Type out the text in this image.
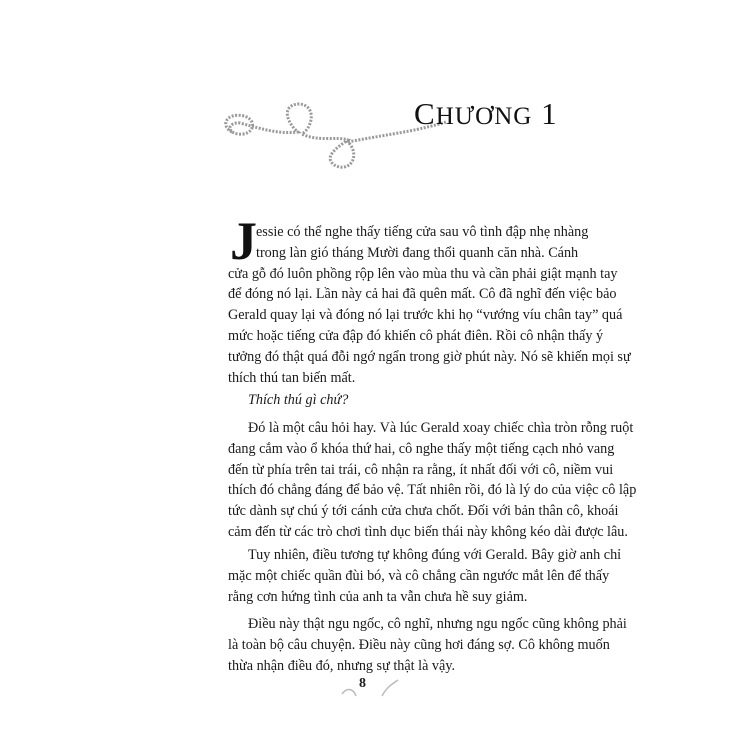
CHƯƠNG 1
J essie có thể nghe thấy tiếng cửa sau vô tình đập nhẹ nhàng
trong làn gió tháng Mười đang thổi quanh căn nhà. Cánh
cửa gỗ đó luôn phồng rộp lên vào mùa thu và cần phải giật mạnh tay
để đóng nó lại. Lần này cả hai đã quên mất. Cô đã nghĩ đến việc bảo
Gerald quay lại và đóng nó lại trước khi họ “vướng víu chân tay” quá
mức hoặc tiếng cửa đập đó khiến cô phát điên. Rồi cô nhận thấy ý
tưởng đó thật quá đỗi ngớ ngẩn trong giờ phút này. Nó sẽ khiến mọi sự
thích thú tan biến mất.
Thích thú gì chứ?
Đó là một câu hỏi hay. Và lúc Gerald xoay chiếc chìa tròn rỗng ruột
đang cắm vào ổ khóa thứ hai, cô nghe thấy một tiếng cạch nhỏ vang
đến từ phía trên tai trái, cô nhận ra rằng, ít nhất đối với cô, niềm vui
thích đó chẳng đáng để bảo vệ. Tất nhiên rồi, đó là lý do của việc cô lập
tức dành sự chú ý tới cánh cửa chưa chốt. Đối với bản thân cô, khoái
cảm đến từ các trò chơi tình dục biến thái này không kéo dài được lâu.
Tuy nhiên, điều tương tự không đúng với Gerald. Bây giờ anh chỉ
mặc một chiếc quần đùi bó, và cô chẳng cần ngước mắt lên để thấy
rằng cơn hứng tình của anh ta vẫn chưa hề suy giảm.
Điều này thật ngu ngốc, cô nghĩ, nhưng ngu ngốc cũng không phải
là toàn bộ câu chuyện. Điều này cũng hơi đáng sợ. Cô không muốn
thừa nhận điều đó, nhưng sự thật là vậy.
8
